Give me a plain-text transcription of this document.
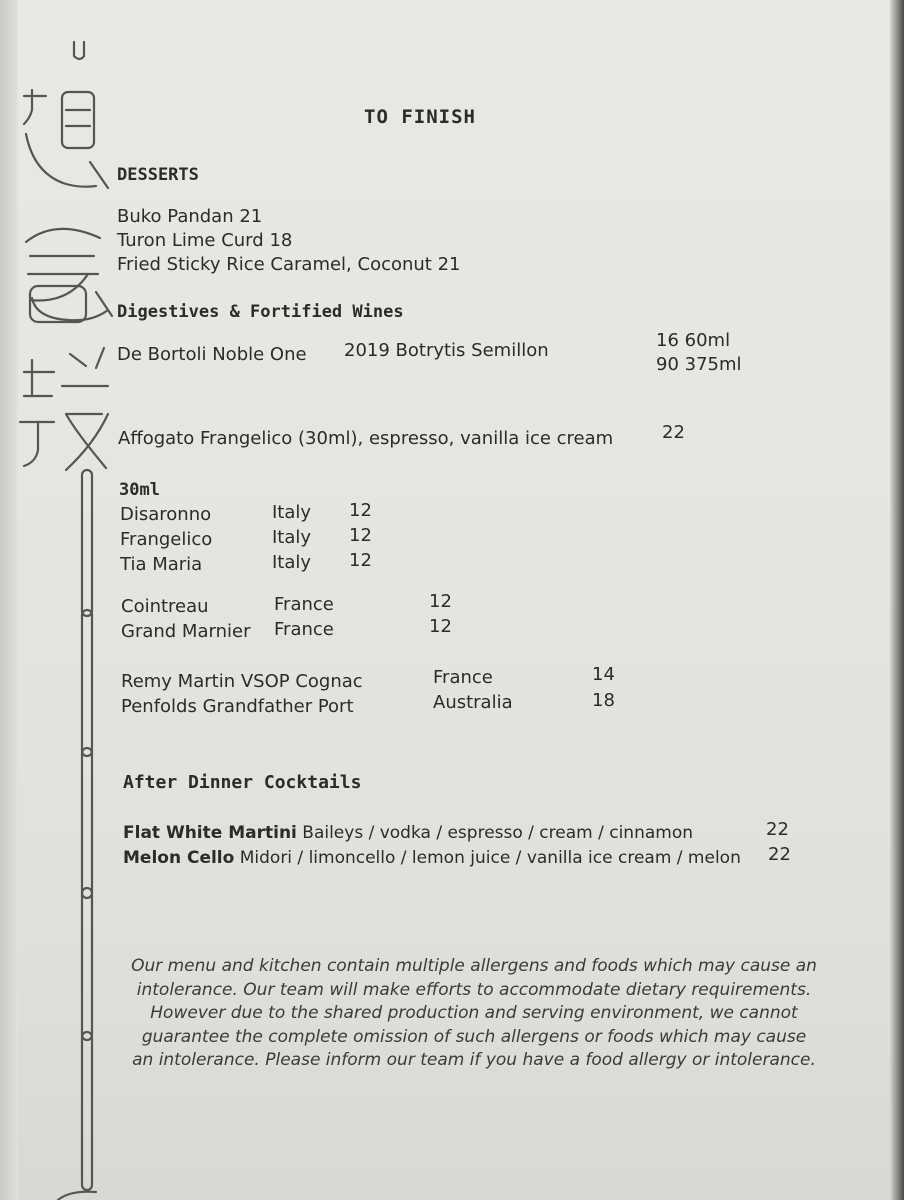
TO FINISH
DESSERTS
Buko Pandan 21
Turon Lime Curd 18
Fried Sticky Rice Caramel, Coconut 21
Digestives & Fortified Wines
De Bortoli Noble One 2019 Botrytis Semillon	16 60ml
90 375ml
Affogato Frangelico (30ml), espresso, vanilla ice cream	22
30ml
Disaronno	Italy 12
Frangelico	Italy 12
Tia Maria	Italy 12
Cointreau	France	12
Grand Marnier France	12
Remy Martin VSOP Cognac	France	14
Penfolds Grandfather Port	Australia	18
After Dinner Cocktails
Flat White Martini Baileys / vodka / espresso / cream / cinnamon	22
Melon Cello Midori / limoncello / lemon juice / vanilla ice cream / melon 22
Our menu and kitchen contain multiple allergens and foods which may cause an
intolerance. Our team will make efforts to accommodate dietary requirements.
However due to the shared production and serving environment, we cannot
guarantee the complete omission of such allergens or foods which may cause
an intolerance. Please inform our team if you have a food allergy or intolerance.
